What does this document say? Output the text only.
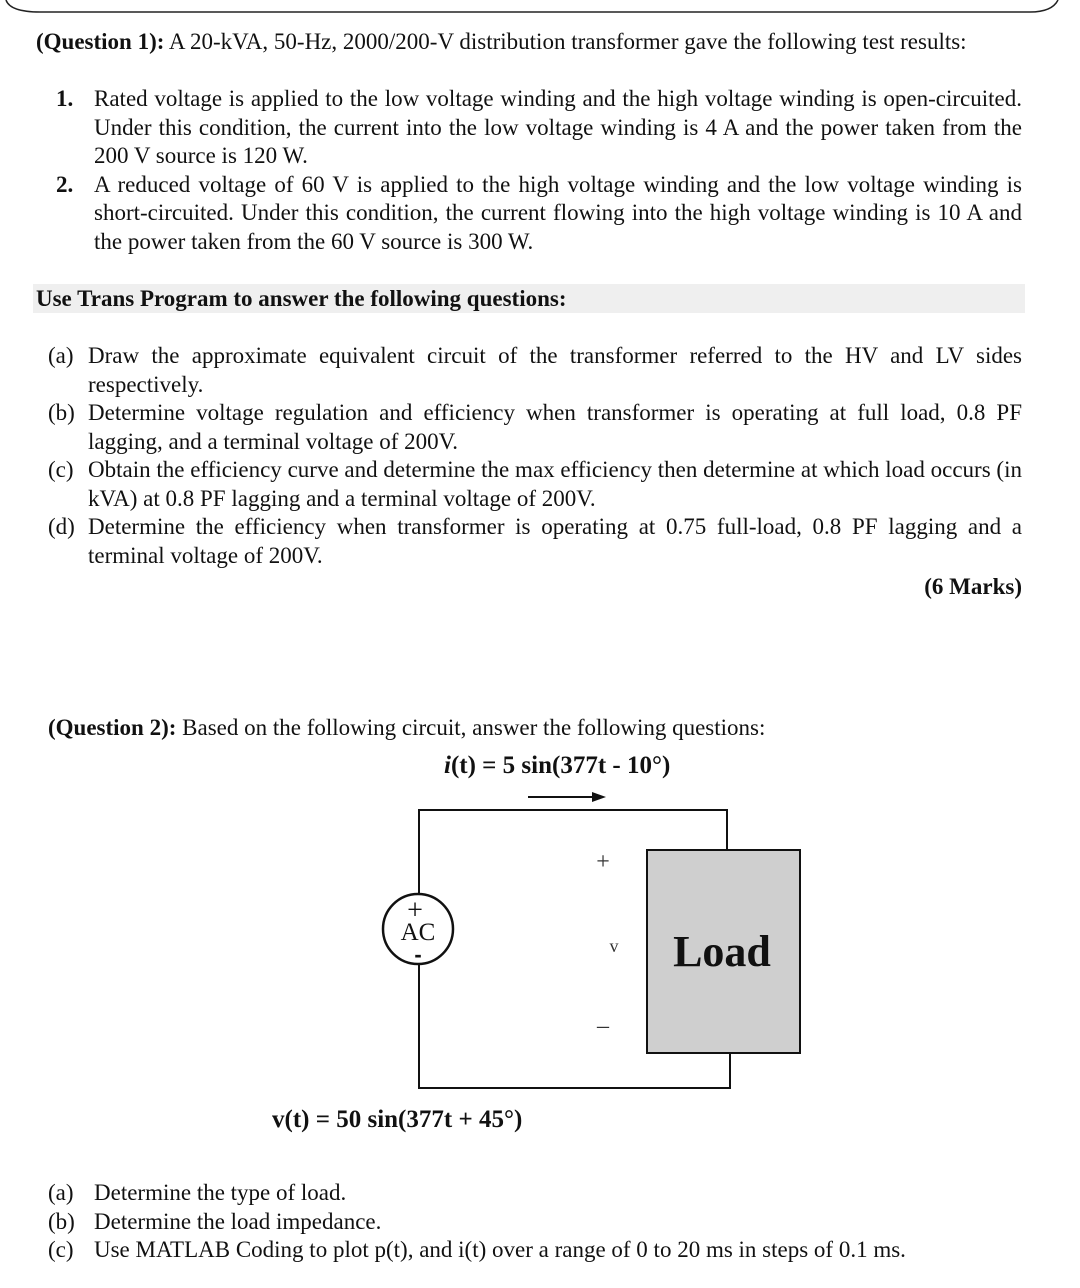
(Question 1): A 20-kVA, 50-Hz, 2000/200-V distribution transformer gave the following test results:
1. Rated voltage is applied to the low voltage winding and the high voltage winding is open-circuited. Under this condition, the current into the low voltage winding is 4 A and the power taken from the 200 V source is 120 W.
2. A reduced voltage of 60 V is applied to the high voltage winding and the low voltage winding is short-circuited. Under this condition, the current flowing into the high voltage winding is 10 A and the power taken from the 60 V source is 300 W.
Use Trans Program to answer the following questions:
(a) Draw the approximate equivalent circuit of the transformer referred to the HV and LV sides respectively.
(b) Determine voltage regulation and efficiency when transformer is operating at full load, 0.8 PF lagging, and a terminal voltage of 200V.
(c) Obtain the efficiency curve and determine the max efficiency then determine at which load occurs (in kVA) at 0.8 PF lagging and a terminal voltage of 200V.
(d) Determine the efficiency when transformer is operating at 0.75 full-load, 0.8 PF lagging and a terminal voltage of 200V.
(6 Marks)
(Question 2): Based on the following circuit, answer the following questions:
i(t) = 5 sin(377t - 10°)
+
AC
-
+
v
–
Load
v(t) = 50 sin(377t + 45°)
(a) Determine the type of load.
(b) Determine the load impedance.
(c) Use MATLAB Coding to plot p(t), and i(t) over a range of 0 to 20 ms in steps of 0.1 ms.
